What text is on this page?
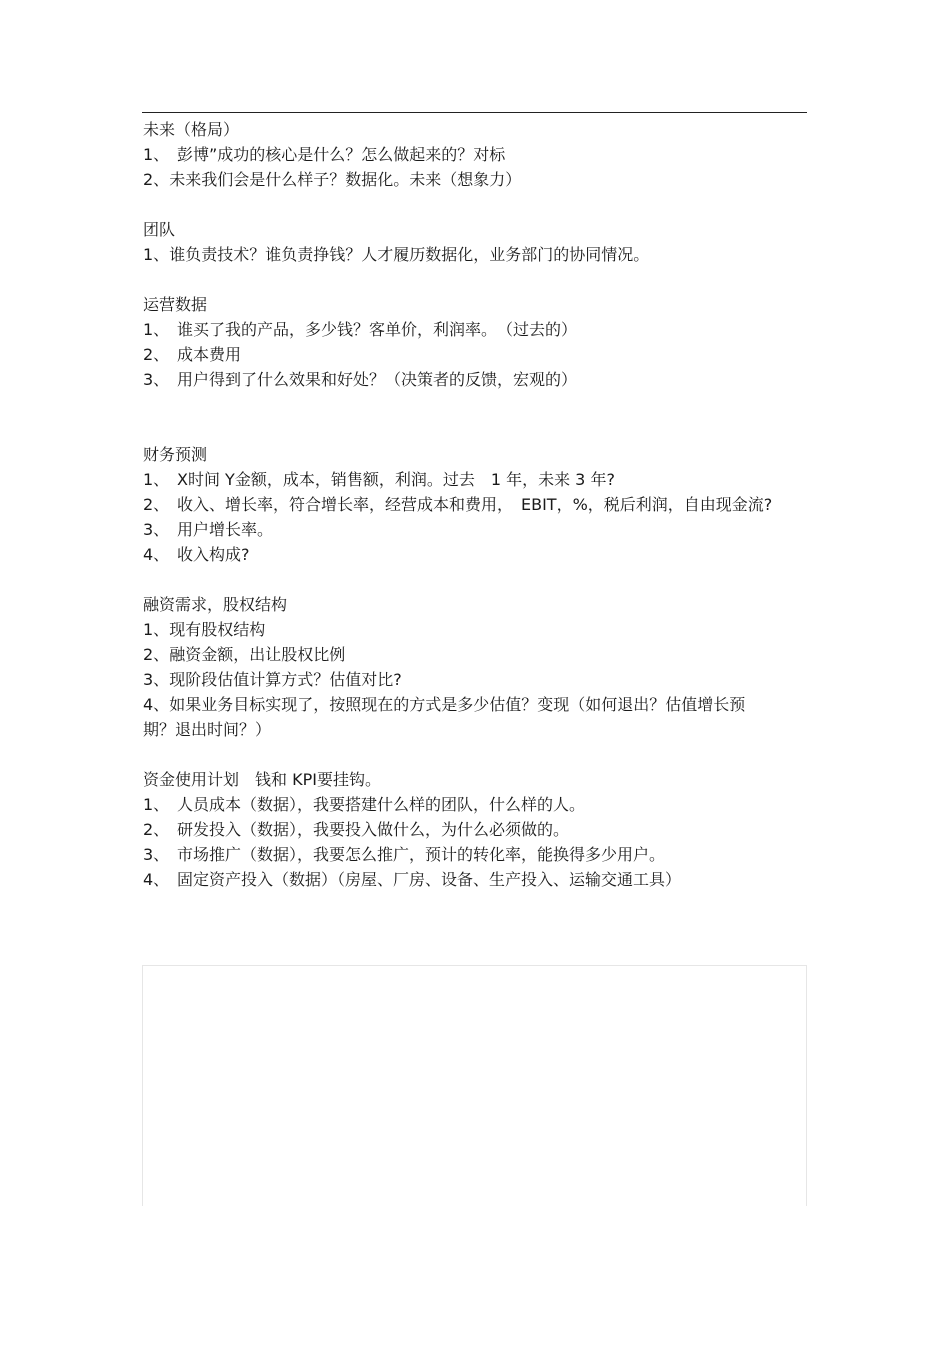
未来（格局）
1、 彭博”成功的核心是什么？怎么做起来的？对标
2、 未来我们会是什么样子？数据化。未来（想象力）
团队
1、 谁负责技术？谁负责挣钱？人才履历数据化，业务部门的协同情况。
运营数据
1、 谁买了我的产品，多少钱？客单价，利润率。　（过去的）
2、 成本费用
3、 用户得到了什么效果和好处？（决策者的反馈，宏观的）
财务预测
1、 X时间 Y金额，成本，销售额，利润。过去　1 年，未来 3 年?
2、 收入、增长率，符合增长率，经营成本和费用，　EBIT，%，税后利润，自由现金流?
3、 用户增长率。
4、 收入构成?
融资需求，股权结构
1、 现有股权结构
2、 融资金额，出让股权比例
3、 现阶段估值计算方式？估值对比?
4、如果业务目标实现了，按照现在的方式是多少估值？变现（如何退出？估值增长预期？退出时间？）
资金使用计划　钱和 KPI要挂钩。
1、 人员成本（数据），我要搭建什么样的团队，什么样的人。
2、 研发投入（数据），我要投入做什么，为什么必须做的。
3、 市场推广（数据），我要怎么推广，预计的转化率，能换得多少用户。
4、 固定资产投入（数据）（房屋、厂房、设备、生产投入、运输交通工具）
